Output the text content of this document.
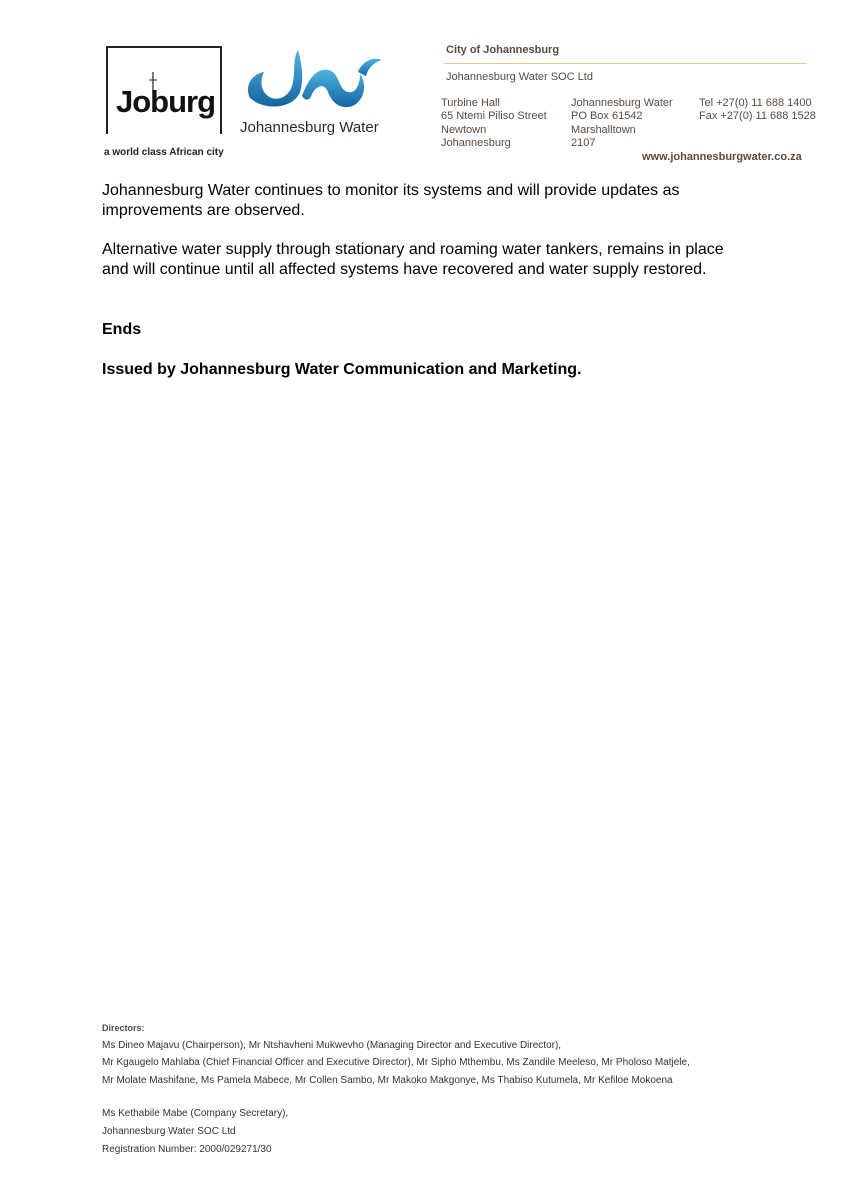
Joburg
a world class African city
Johannesburg Water
City of Johannesburg
Johannesburg Water SOC Ltd
Turbine Hall
65 Ntemi Piliso Street
Newtown
Johannesburg
Johannesburg Water
PO Box 61542
Marshalltown
2107
Tel +27(0) 11 688 1400
Fax +27(0) 11 688 1528
www.johannesburgwater.co.za
Johannesburg Water continues to monitor its systems and will provide updates as improvements are observed.
Alternative water supply through stationary and roaming water tankers, remains in place and will continue until all affected systems have recovered and water supply restored.
Ends
Issued by Johannesburg Water Communication and Marketing.
Directors:
Ms Dineo Majavu (Chairperson), Mr Ntshavheni Mukwevho (Managing Director and Executive Director),
Mr Kgaugelo Mahlaba (Chief Financial Officer and Executive Director), Mr Sipho Mthembu, Ms Zandile Meeleso, Mr Pholoso Matjele,
Mr Molate Mashifane, Ms Pamela Mabece, Mr Collen Sambo, Mr Makoko Makgonye, Ms Thabiso Kutumela, Mr Kefiloe Mokoena
Ms Kethabile Mabe (Company Secretary),
Johannesburg Water SOC Ltd
Registration Number: 2000/029271/30
